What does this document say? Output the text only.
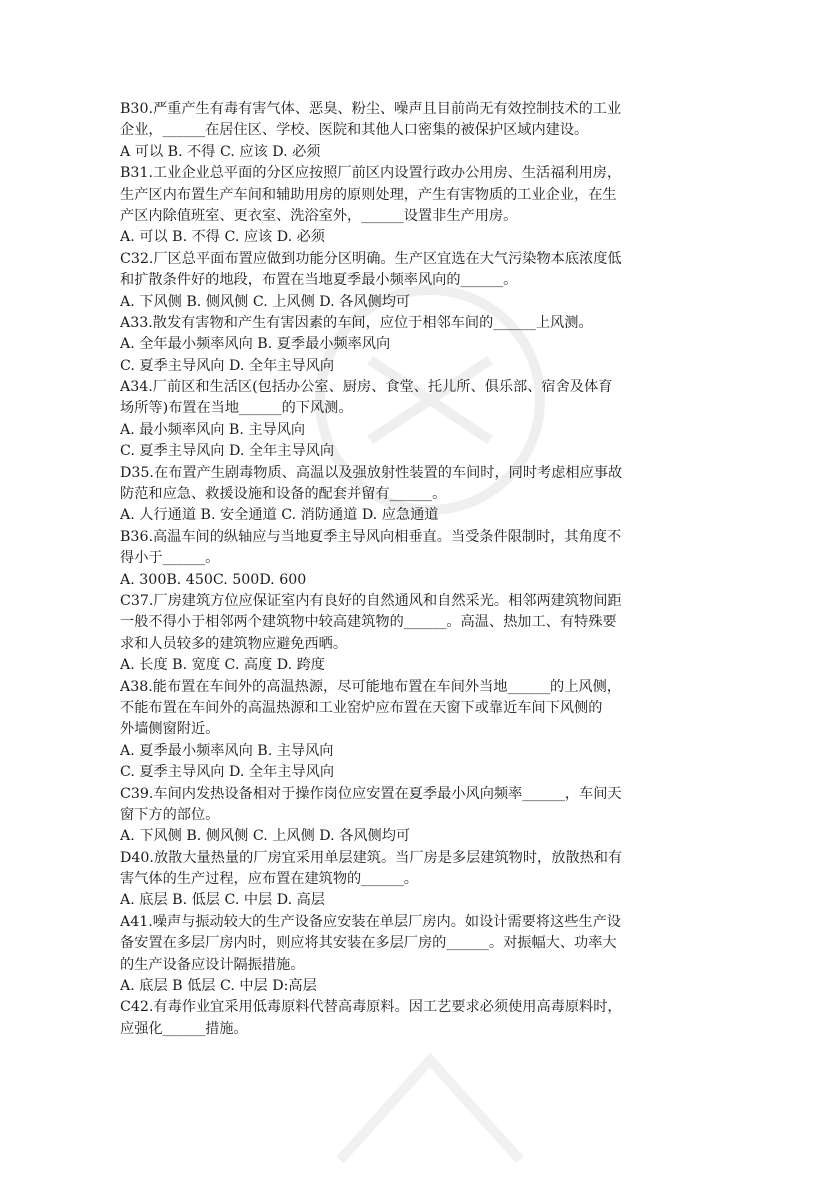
B30.严重产生有毒有害气体、恶臭、粉尘、噪声且目前尚无有效控制技术的工业
企业，______在居住区、学校、医院和其他人口密集的被保护区域内建设。
A 可以 B. 不得 C. 应该 D. 必须
B31.工业企业总平面的分区应按照厂前区内设置行政办公用房、生活福利用房，
生产区内布置生产车间和辅助用房的原则处理，产生有害物质的工业企业，在生
产区内除值班室、更衣室、洗浴室外，______设置非生产用房。
A. 可以 B. 不得 C. 应该 D. 必须
C32.厂区总平面布置应做到功能分区明确。生产区宜选在大气污染物本底浓度低
和扩散条件好的地段，布置在当地夏季最小频率风向的______。
A. 下风侧 B. 侧风侧 C. 上风侧 D. 各风侧均可
A33.散发有害物和产生有害因素的车间，应位于相邻车间的______上风测。
A. 全年最小频率风向 B. 夏季最小频率风向
C. 夏季主导风向 D. 全年主导风向
A34.厂前区和生活区(包括办公室、厨房、食堂、托儿所、俱乐部、宿舍及体育
场所等)布置在当地______的下风测。
A. 最小频率风向 B. 主导风向
C. 夏季主导风向 D. 全年主导风向
D35.在布置产生剧毒物质、高温以及强放射性装置的车间时，同时考虑相应事故
防范和应急、救援设施和设备的配套并留有______。
A. 人行通道 B. 安全通道 C. 消防通道 D. 应急通道
B36.高温车间的纵轴应与当地夏季主导风向相垂直。当受条件限制时，其角度不
得小于______。
A. 300B. 450C. 500D. 600
C37.厂房建筑方位应保证室内有良好的自然通风和自然采光。相邻两建筑物间距
一般不得小于相邻两个建筑物中较高建筑物的______。高温、热加工、有特殊要
求和人员较多的建筑物应避免西晒。
A. 长度 B. 宽度 C. 高度 D. 跨度
A38.能布置在车间外的高温热源，尽可能地布置在车间外当地______的上风侧，
不能布置在车间外的高温热源和工业窑炉应布置在天窗下或靠近车间下风侧的
外墙侧窗附近。
A. 夏季最小频率风向 B. 主导风向
C. 夏季主导风向 D. 全年主导风向
C39.车间内发热设备相对于操作岗位应安置在夏季最小风向频率______，车间天
窗下方的部位。
A. 下风侧 B. 侧风侧 C. 上风侧 D. 各风侧均可
D40.放散大量热量的厂房宜采用单层建筑。当厂房是多层建筑物时，放散热和有
害气体的生产过程，应布置在建筑物的______。
A. 底层 B. 低层 C. 中层 D. 高层
A41.噪声与振动较大的生产设备应安装在单层厂房内。如设计需要将这些生产设
备安置在多层厂房内时，则应将其安装在多层厂房的______。对振幅大、功率大
的生产设备应设计隔振措施。
A. 底层 B 低层 C. 中层 D:高层
C42.有毒作业宜采用低毒原料代替高毒原料。因工艺要求必须使用高毒原料时，
应强化______措施。
